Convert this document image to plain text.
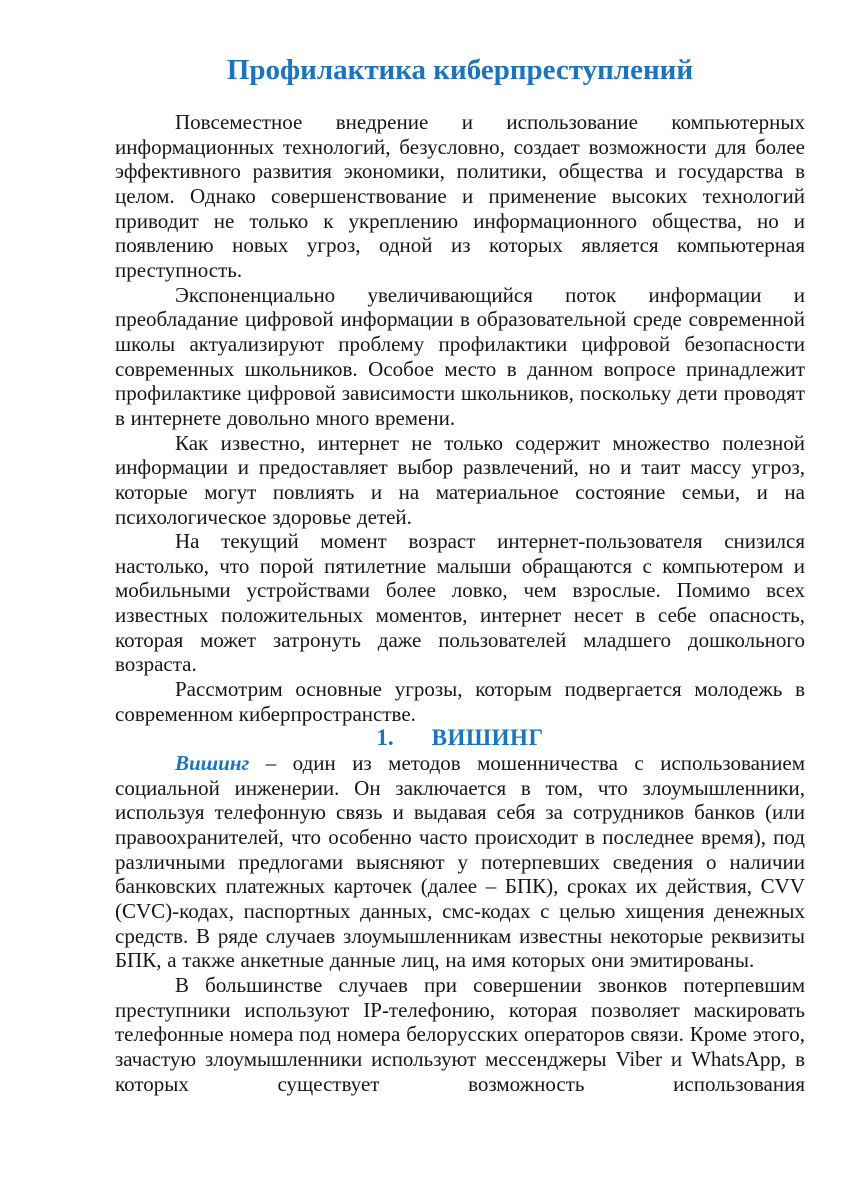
Профилактика киберпреступлений

Повсеместное внедрение и использование компьютерных информационных технологий, безусловно, создает возможности для более эффективного развития экономики, политики, общества и государства в целом. Однако совершенствование и применение высоких технологий приводит не только к укреплению информационного общества, но и появлению новых угроз, одной из которых является компьютерная преступность.

Экспоненциально увеличивающийся поток информации и преобладание цифровой информации в образовательной среде современной школы актуализируют проблему профилактики цифровой безопасности современных школьников. Особое место в данном вопросе принадлежит профилактике цифровой зависимости школьников, поскольку дети проводят в интернете довольно много времени.

Как известно, интернет не только содержит множество полезной информации и предоставляет выбор развлечений, но и таит массу угроз, которые могут повлиять и на материальное состояние семьи, и на психологическое здоровье детей.

На текущий момент возраст интернет-пользователя снизился настолько, что порой пятилетние малыши обращаются с компьютером и мобильными устройствами более ловко, чем взрослые. Помимо всех известных положительных моментов, интернет несет в себе опасность, которая может затронуть даже пользователей младшего дошкольного возраста.

Рассмотрим основные угрозы, которым подвергается молодежь в современном киберпространстве.

1. ВИШИНГ

Вишинг – один из методов мошенничества с использованием социальной инженерии. Он заключается в том, что злоумышленники, используя телефонную связь и выдавая себя за сотрудников банков (или правоохранителей, что особенно часто происходит в последнее время), под различными предлогами выясняют у потерпевших сведения о наличии банковских платежных карточек (далее – БПК), сроках их действия, CVV (CVC)-кодах, паспортных данных, смс-кодах с целью хищения денежных средств. В ряде случаев злоумышленникам известны некоторые реквизиты БПК, а также анкетные данные лиц, на имя которых они эмитированы.

В большинстве случаев при совершении звонков потерпевшим преступники используют IP-телефонию, которая позволяет маскировать телефонные номера под номера белорусских операторов связи. Кроме этого, зачастую злоумышленники используют мессенджеры Viber и WhatsApp, в которых существует возможность использования
